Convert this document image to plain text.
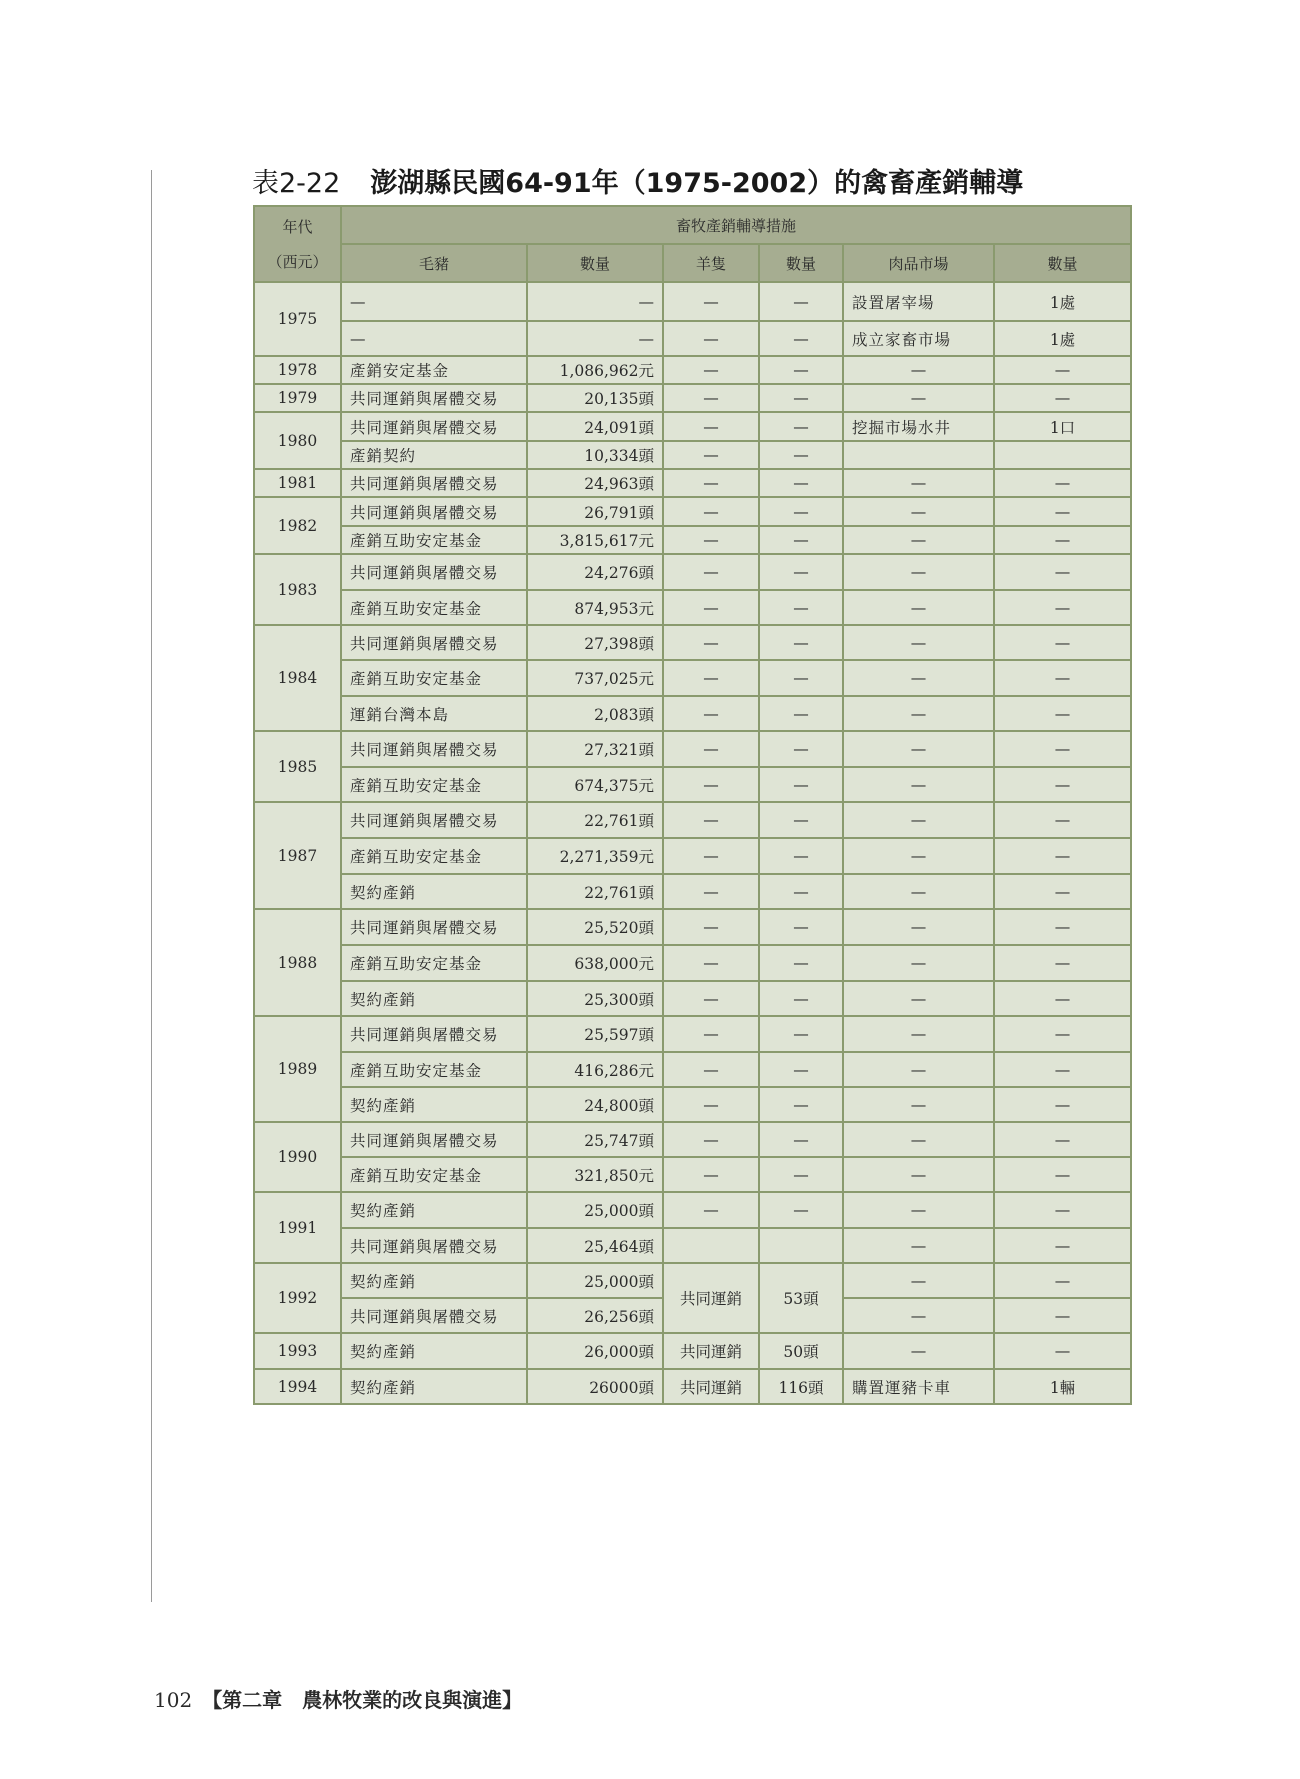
表2-22 澎湖縣民國64-91年（1975-2002）的禽畜產銷輔導
年代
（西元）	畜牧產銷輔導措施					
	毛豬	數量	羊隻	數量	肉品市場	數量
1975	—	—	—	—	設置屠宰場	1處
	—	—	—	—	成立家畜市場	1處
1978	產銷安定基金	1,086,962元	—	—	—	—
1979	共同運銷與屠體交易	20,135頭	—	—	—	—
1980	共同運銷與屠體交易	24,091頭	—	—	挖掘市場水井	1口
	產銷契約	10,334頭	—	—		
1981	共同運銷與屠體交易	24,963頭	—	—	—	—
1982	共同運銷與屠體交易	26,791頭	—	—	—	—
	產銷互助安定基金	3,815,617元	—	—	—	—
1983	共同運銷與屠體交易	24,276頭	—	—	—	—
	產銷互助安定基金	874,953元	—	—	—	—
1984	共同運銷與屠體交易	27,398頭	—	—	—	—
	產銷互助安定基金	737,025元	—	—	—	—
	運銷台灣本島	2,083頭	—	—	—	—
1985	共同運銷與屠體交易	27,321頭	—	—	—	—
	產銷互助安定基金	674,375元	—	—	—	—
1987	共同運銷與屠體交易	22,761頭	—	—	—	—
	產銷互助安定基金	2,271,359元	—	—	—	—
	契約產銷	22,761頭	—	—	—	—
1988	共同運銷與屠體交易	25,520頭	—	—	—	—
	產銷互助安定基金	638,000元	—	—	—	—
	契約產銷	25,300頭	—	—	—	—
1989	共同運銷與屠體交易	25,597頭	—	—	—	—
	產銷互助安定基金	416,286元	—	—	—	—
	契約產銷	24,800頭	—	—	—	—
1990	共同運銷與屠體交易	25,747頭	—	—	—	—
	產銷互助安定基金	321,850元	—	—	—	—
1991	契約產銷	25,000頭	—	—	—	—
	共同運銷與屠體交易	25,464頭			—	—
1992	契約產銷	25,000頭	共同運銷	53頭	—	—
	共同運銷與屠體交易	26,256頭			—	—
1993	契約產銷	26,000頭	共同運銷	50頭	—	—
1994	契約產銷	26000頭	共同運銷	116頭	購置運豬卡車	1輛
102 【第二章　農林牧業的改良與演進】
